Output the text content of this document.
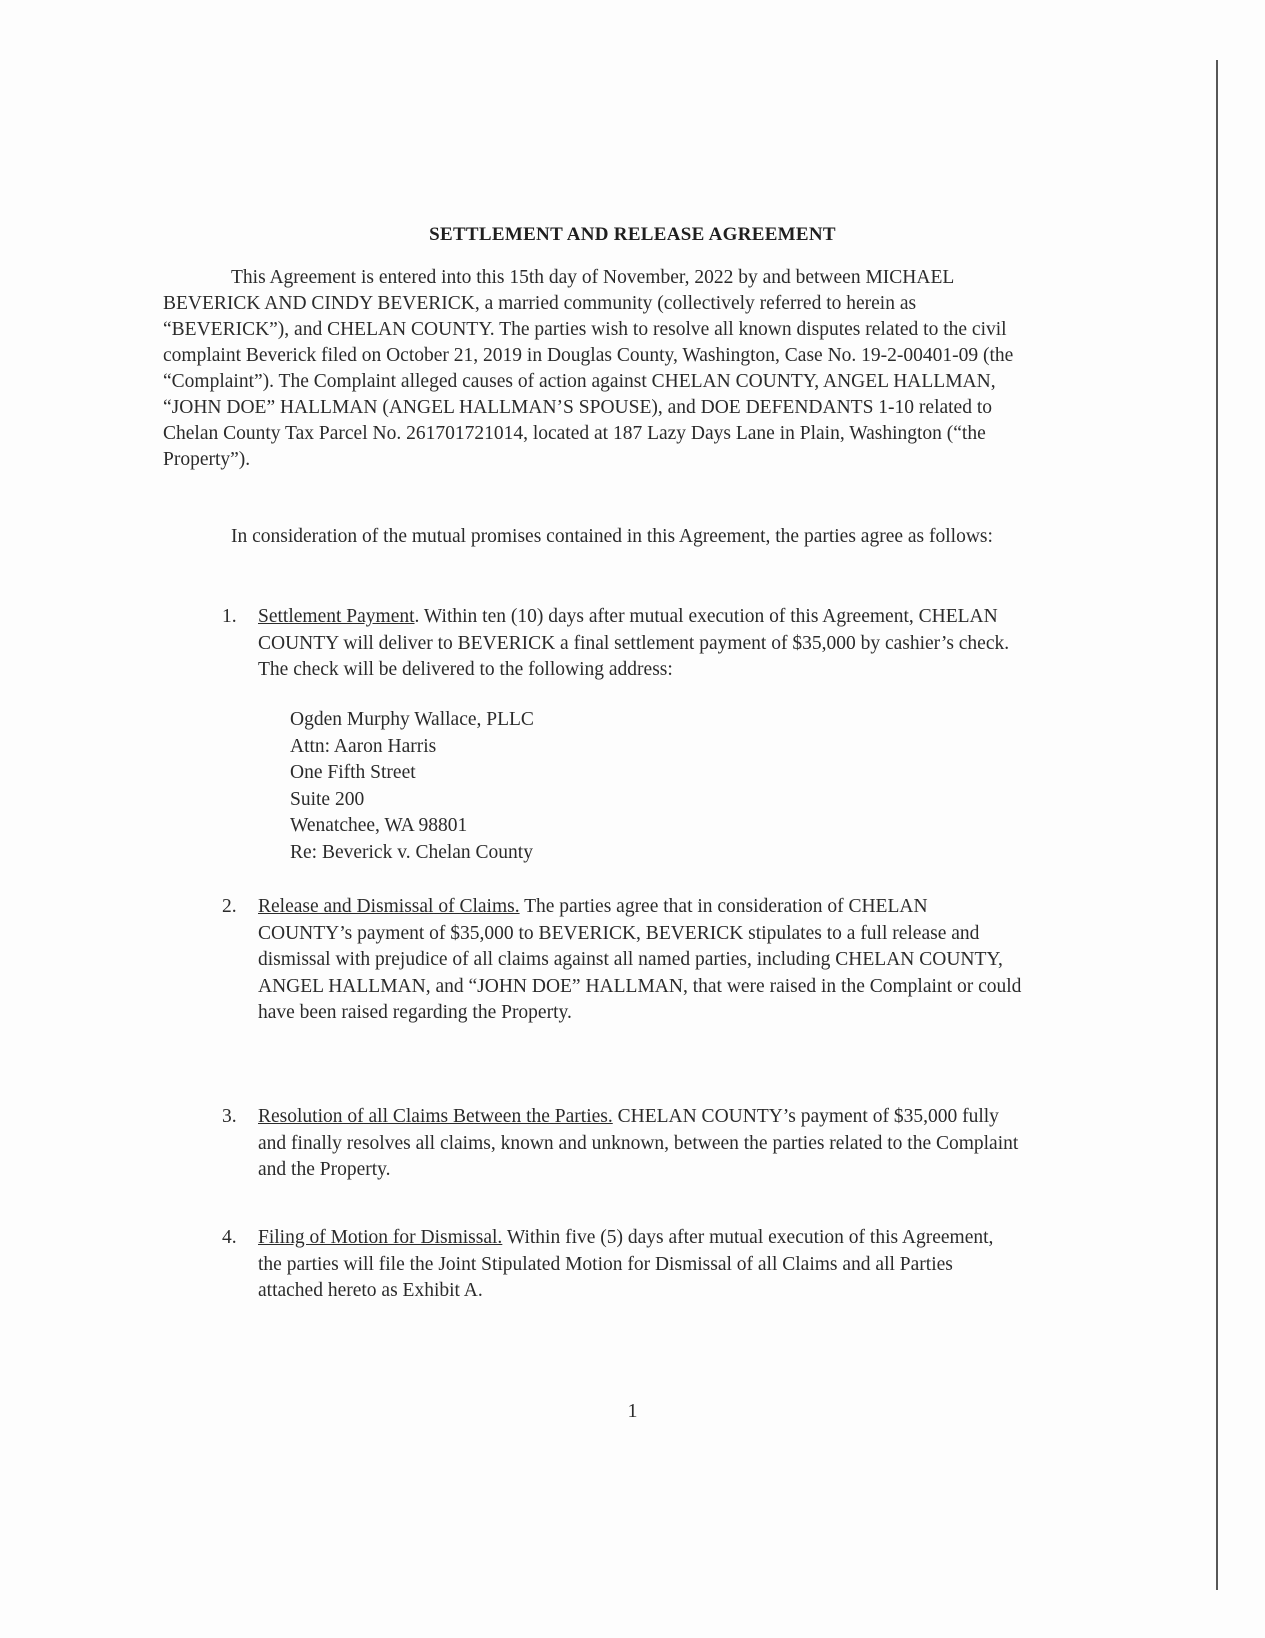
SETTLEMENT AND RELEASE AGREEMENT
This Agreement is entered into this 15th day of November, 2022 by and between MICHAEL BEVERICK AND CINDY BEVERICK, a married community (collectively referred to herein as “BEVERICK”), and CHELAN COUNTY. The parties wish to resolve all known disputes related to the civil complaint Beverick filed on October 21, 2019 in Douglas County, Washington, Case No. 19-2-00401-09 (the “Complaint”). The Complaint alleged causes of action against CHELAN COUNTY, ANGEL HALLMAN, “JOHN DOE” HALLMAN (ANGEL HALLMAN’S SPOUSE), and DOE DEFENDANTS 1-10 related to Chelan County Tax Parcel No. 261701721014, located at 187 Lazy Days Lane in Plain, Washington (“the Property”).
In consideration of the mutual promises contained in this Agreement, the parties agree as follows:
1.	Settlement Payment. Within ten (10) days after mutual execution of this Agreement, CHELAN COUNTY will deliver to BEVERICK a final settlement payment of $35,000 by cashier’s check. The check will be delivered to the following address:
Ogden Murphy Wallace, PLLC
Attn: Aaron Harris
One Fifth Street
Suite 200
Wenatchee, WA 98801
Re: Beverick v. Chelan County
2.	Release and Dismissal of Claims. The parties agree that in consideration of CHELAN COUNTY’s payment of $35,000 to BEVERICK, BEVERICK stipulates to a full release and dismissal with prejudice of all claims against all named parties, including CHELAN COUNTY, ANGEL HALLMAN, and “JOHN DOE” HALLMAN, that were raised in the Complaint or could have been raised regarding the Property.
3.	Resolution of all Claims Between the Parties. CHELAN COUNTY’s payment of $35,000 fully and finally resolves all claims, known and unknown, between the parties related to the Complaint and the Property.
4.	Filing of Motion for Dismissal. Within five (5) days after mutual execution of this Agreement, the parties will file the Joint Stipulated Motion for Dismissal of all Claims and all Parties attached hereto as Exhibit A.
1
